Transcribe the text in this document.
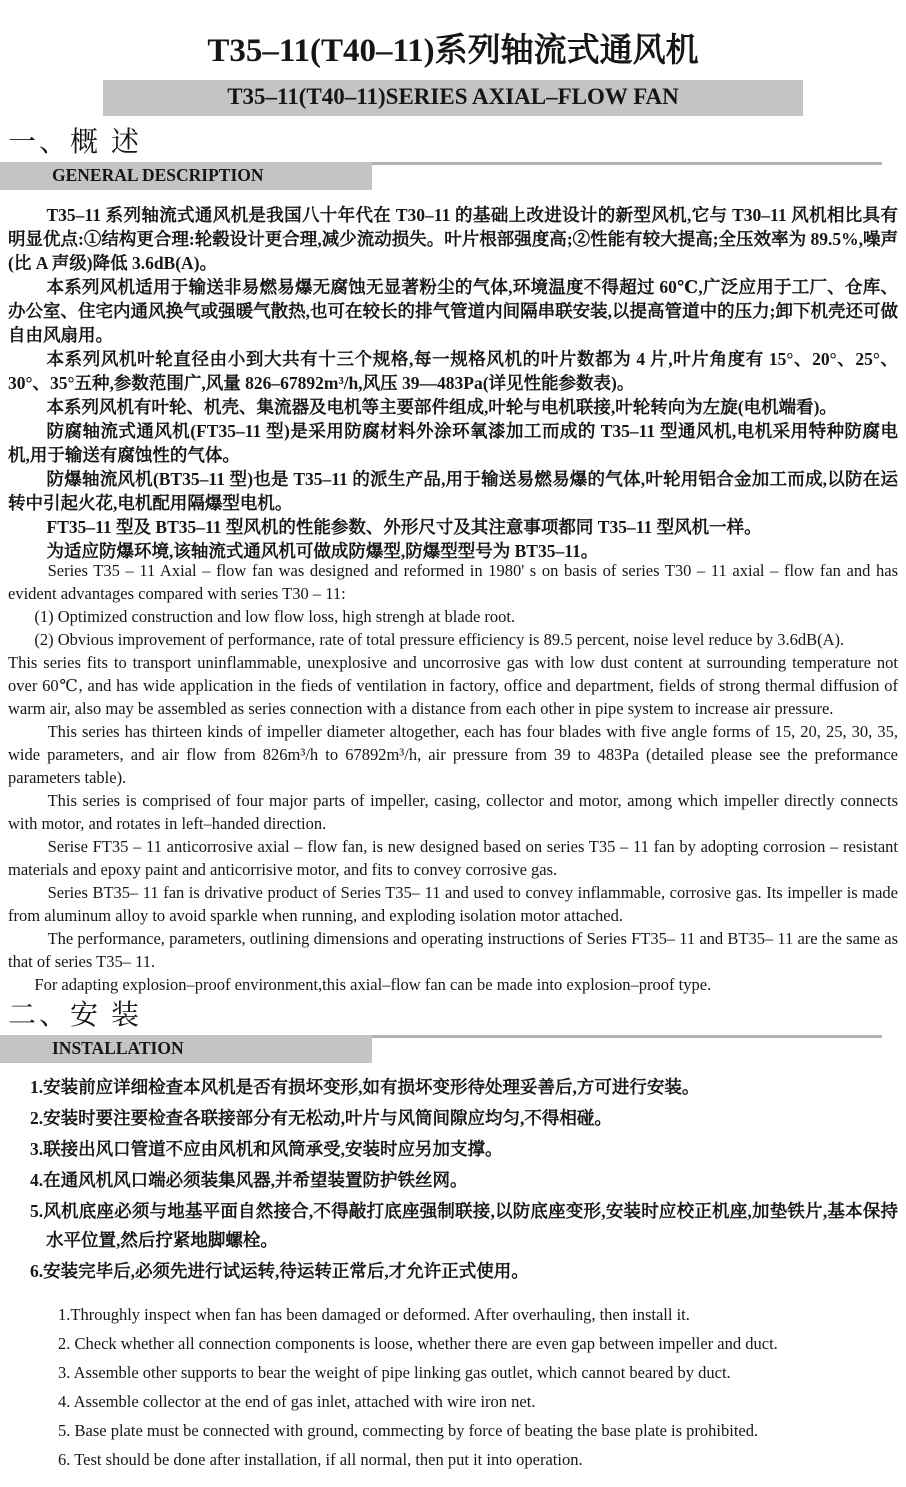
T35–11(T40–11)系列轴流式通风机
T35–11(T40–11)SERIES AXIAL–FLOW FAN
一、概 述
GENERAL DESCRIPTION

T35–11 系列轴流式通风机是我国八十年代在 T30–11 的基础上改进设计的新型风机,它与 T30–11 风机相比具有明显优点:①结构更合理:轮毂设计更合理,减少流动损失。叶片根部强度高;②性能有较大提高;全压效率为 89.5%,噪声(比 A 声级)降低 3.6dB(A)。

本系列风机适用于输送非易燃易爆无腐蚀无显著粉尘的气体,环境温度不得超过 60℃,广泛应用于工厂、仓库、办公室、住宅内通风换气或强暖气散热,也可在较长的排气管道内间隔串联安装,以提高管道中的压力;卸下机壳还可做自由风扇用。

本系列风机叶轮直径由小到大共有十三个规格,每一规格风机的叶片数都为 4 片,叶片角度有 15°、20°、25°、30°、35°五种,参数范围广,风量 826–67892m³/h,风压 39—483Pa(详见性能参数表)。

本系列风机有叶轮、机壳、集流器及电机等主要部件组成,叶轮与电机联接,叶轮转向为左旋(电机端看)。

防腐轴流式通风机(FT35–11 型)是采用防腐材料外涂环氧漆加工而成的 T35–11 型通风机,电机采用特种防腐电机,用于输送有腐蚀性的气体。

防爆轴流风机(BT35–11 型)也是 T35–11 的派生产品,用于输送易燃易爆的气体,叶轮用铝合金加工而成,以防在运转中引起火花,电机配用隔爆型电机。

FT35–11 型及 BT35–11 型风机的性能参数、外形尺寸及其注意事项都同 T35–11 型风机一样。

为适应防爆环境,该轴流式通风机可做成防爆型,防爆型型号为 BT35–11。

Series T35 – 11 Axial – flow fan was designed and reformed in 1980' s on basis of series T30 – 11 axial – flow fan and has evident advantages compared with series T30 – 11:

(1) Optimized construction and low flow loss, high strengh at blade root.

(2) Obvious improvement of performance, rate of total pressure efficiency is 89.5 percent, noise level reduce by 3.6dB(A).

This series fits to transport uninflammable, unexplosive and uncorrosive gas with low dust content at surrounding temperature not over 60℃, and has wide application in the fieds of ventilation in factory, office and department, fields of strong thermal diffusion of warm air, also may be assembled as series connection with a distance from each other in pipe system to increase air pressure.

This series has thirteen kinds of impeller diameter altogether, each has four blades with five angle forms of 15, 20, 25, 30, 35, wide parameters, and air flow from 826m³/h to 67892m³/h, air pressure from 39 to 483Pa (detailed please see the preformance parameters table).

This series is comprised of four major parts of impeller, casing, collector and motor, among which impeller directly connects with motor, and rotates in left–handed direction.

Serise FT35 – 11 anticorrosive axial – flow fan, is new designed based on series T35 – 11 fan by adopting corrosion – resistant materials and epoxy paint and anticorrisive motor, and fits to convey corrosive gas.

Series BT35– 11 fan is drivative product of Series T35– 11 and used to convey inflammable, corrosive gas. Its impeller is made from aluminum alloy to avoid sparkle when running, and exploding isolation motor attached.

The performance, parameters, outlining dimensions and operating instructions of Series FT35– 11 and BT35– 11 are the same as that of series T35– 11.

For adapting explosion–proof environment,this axial–flow fan can be made into explosion–proof type.

二、安 装
INSTALLATION
1.安装前应详细检查本风机是否有损坏变形,如有损坏变形待处理妥善后,方可进行安装。
2.安装时要注要检查各联接部分有无松动,叶片与风筒间隙应均匀,不得相碰。
3.联接出风口管道不应由风机和风筒承受,安装时应另加支撑。
4.在通风机风口端必须装集风器,并希望装置防护铁丝网。
5.风机底座必须与地基平面自然接合,不得敲打底座强制联接,以防底座变形,安装时应校正机座,加垫铁片,基本保持水平位置,然后拧紧地脚螺栓。
6.安装完毕后,必须先进行试运转,待运转正常后,才允许正式使用。
1.Throughly inspect when fan has been damaged or deformed. After overhauling, then install it.
2. Check whether all connection components is loose, whether there are even gap between impeller and duct.
3. Assemble other supports to bear the weight of pipe linking gas outlet, which cannot beared by duct.
4. Assemble collector at the end of gas inlet, attached with wire iron net.
5. Base plate must be connected with ground, commecting by force of beating the base plate is prohibited.
6. Test should be done after installation, if all normal, then put it into operation.
